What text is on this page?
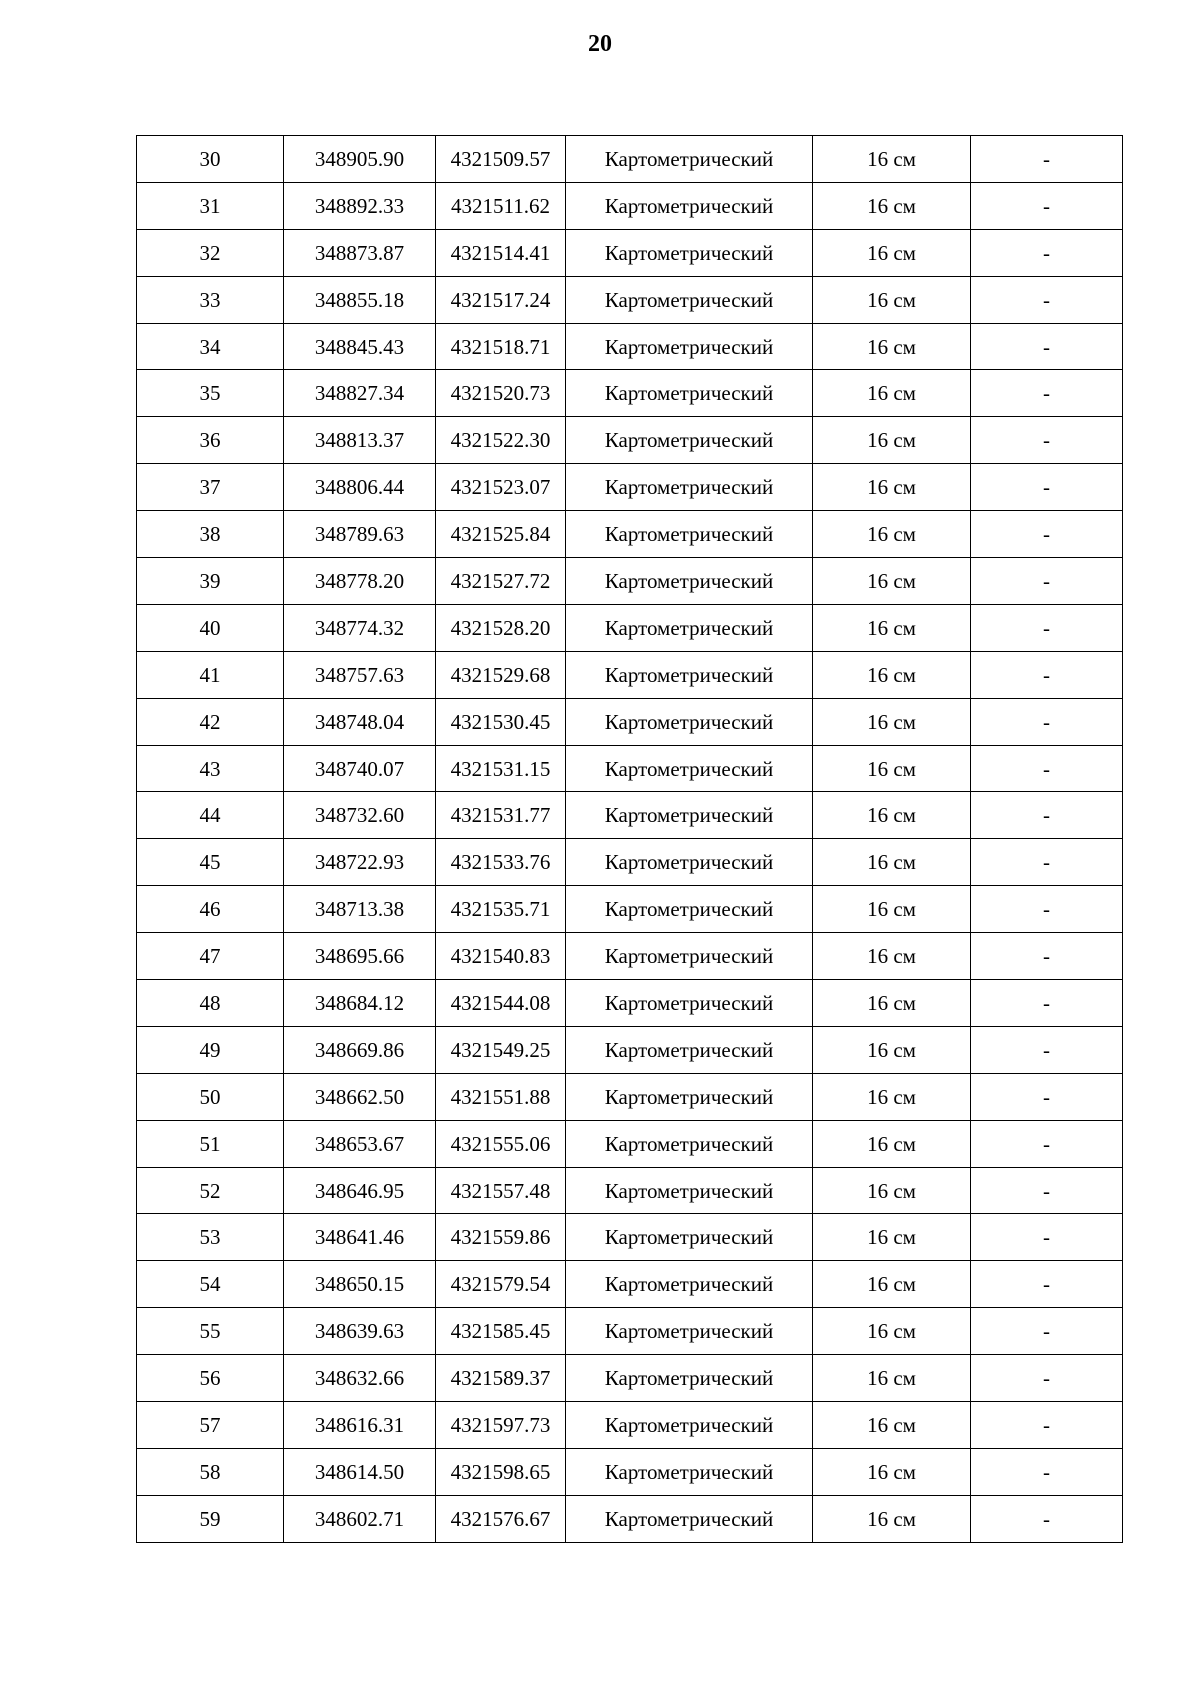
20
30	348905.90	4321509.57	Картометрический	16 см	-
31	348892.33	4321511.62	Картометрический	16 см	-
32	348873.87	4321514.41	Картометрический	16 см	-
33	348855.18	4321517.24	Картометрический	16 см	-
34	348845.43	4321518.71	Картометрический	16 см	-
35	348827.34	4321520.73	Картометрический	16 см	-
36	348813.37	4321522.30	Картометрический	16 см	-
37	348806.44	4321523.07	Картометрический	16 см	-
38	348789.63	4321525.84	Картометрический	16 см	-
39	348778.20	4321527.72	Картометрический	16 см	-
40	348774.32	4321528.20	Картометрический	16 см	-
41	348757.63	4321529.68	Картометрический	16 см	-
42	348748.04	4321530.45	Картометрический	16 см	-
43	348740.07	4321531.15	Картометрический	16 см	-
44	348732.60	4321531.77	Картометрический	16 см	-
45	348722.93	4321533.76	Картометрический	16 см	-
46	348713.38	4321535.71	Картометрический	16 см	-
47	348695.66	4321540.83	Картометрический	16 см	-
48	348684.12	4321544.08	Картометрический	16 см	-
49	348669.86	4321549.25	Картометрический	16 см	-
50	348662.50	4321551.88	Картометрический	16 см	-
51	348653.67	4321555.06	Картометрический	16 см	-
52	348646.95	4321557.48	Картометрический	16 см	-
53	348641.46	4321559.86	Картометрический	16 см	-
54	348650.15	4321579.54	Картометрический	16 см	-
55	348639.63	4321585.45	Картометрический	16 см	-
56	348632.66	4321589.37	Картометрический	16 см	-
57	348616.31	4321597.73	Картометрический	16 см	-
58	348614.50	4321598.65	Картометрический	16 см	-
59	348602.71	4321576.67	Картометрический	16 см	-
